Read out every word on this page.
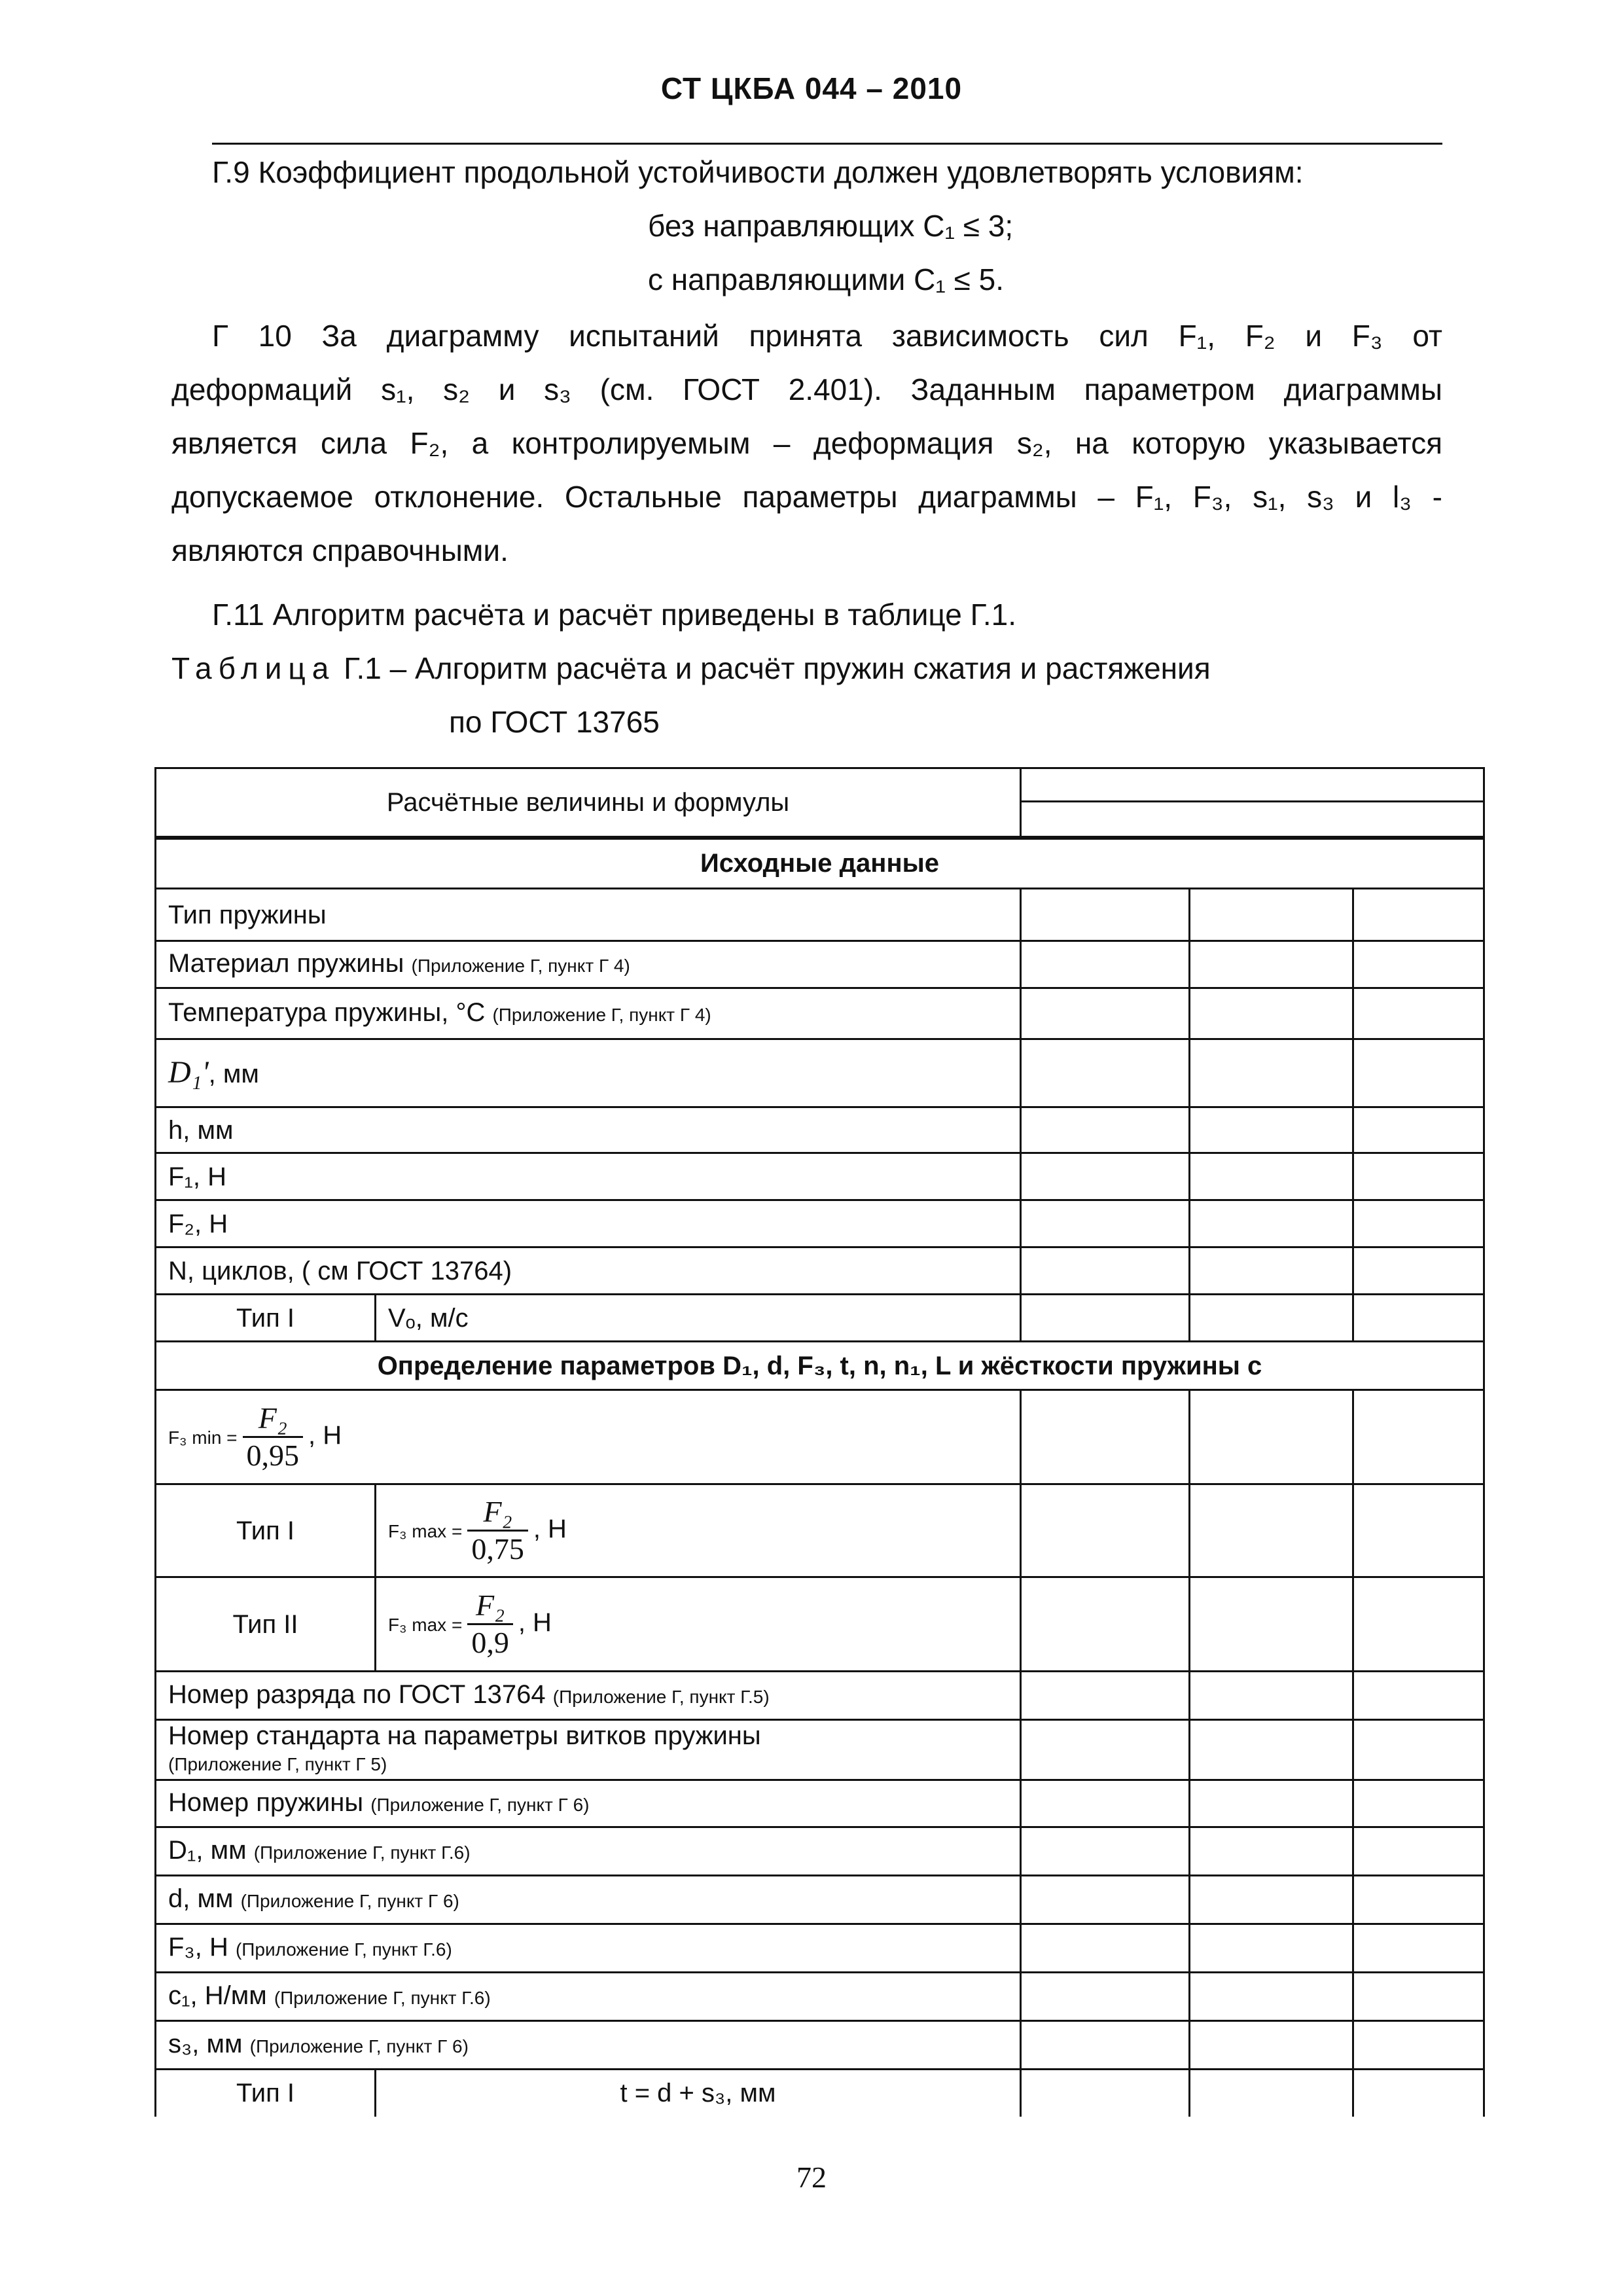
СТ ЦКБА 044 – 2010
Г.9 Коэффициент продольной устойчивости должен удовлетворять условиям:
без направляющих С₁ ≤ 3;
с направляющими С₁ ≤ 5.
Г 10 За диаграмму испытаний принята зависимость сил F₁, F₂ и F₃ от
деформаций s₁, s₂ и s₃ (см. ГОСТ 2.401). Заданным параметром диаграммы
является сила F₂, а контролируемым – деформация s₂, на которую указывается
допускаемое отклонение. Остальные параметры диаграммы – F₁, F₃, s₁, s₃ и l₃ -
являются справочными.
Г.11 Алгоритм расчёта и расчёт приведены в таблице Г.1.
Таблица Г.1 – Алгоритм расчёта и расчёт пружин сжатия и растяжения
по ГОСТ 13765
Расчётные величины и формулы				

Исходные данные				
Тип пружины				
Материал пружины (Приложение Г, пункт Г 4)				
Температура пружины, °С (Приложение Г, пункт Г 4)				
D₁', мм				
h, мм				
F₁, Н				
F₂, Н				
N, циклов, ( см ГОСТ 13764)				
Тип I	Vₒ, м/с			
Определение параметров D₁, d, F₃, t, n, n₁, L и жёсткости пружины с				
F₃ $\min = \frac{\text{F₂}}{0,95}$ , Н				
Тип I	F₃ $\max = \frac{\text{F₂}}{0,75}$ , Н			
Тип II	F₃ $\max = \frac{\text{F₂}}{0,9}$ , Н			
Номер разряда по ГОСТ 13764 (Приложение Г, пункт Г.5)				
Номер стандарта на параметры витков пружины
(Приложение Г, пункт Г 5)				
Номер пружины (Приложение Г, пункт Г 6)				
D₁, мм (Приложение Г, пункт Г.6)				
d, мм (Приложение Г, пункт Г 6)				
F₃, Н (Приложение Г, пункт Г.6)				
с₁, Н/мм (Приложение Г, пункт Г.6)				
s₃, мм (Приложение Г, пункт Г 6)				
Тип I	t = d + s₃, мм			
72
